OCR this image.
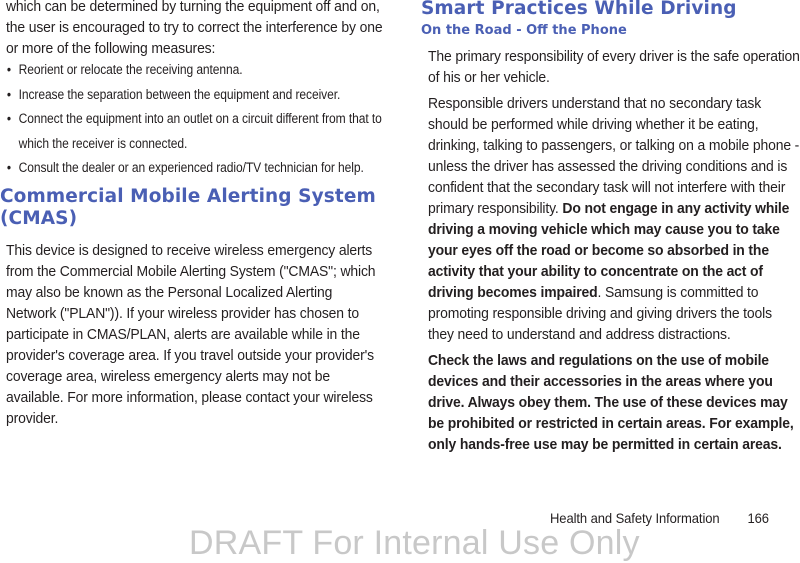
which can be determined by turning the equipment off and on, the user is encouraged to try to correct the interference by one or more of the following measures:

• Reorient or relocate the receiving antenna.
• Increase the separation between the equipment and receiver.
• Connect the equipment into an outlet on a circuit different from that to which the receiver is connected.
• Consult the dealer or an experienced radio/TV technician for help.
Commercial Mobile Alerting System (CMAS)

This device is designed to receive wireless emergency alerts from the Commercial Mobile Alerting System ("CMAS"; which may also be known as the Personal Localized Alerting Network ("PLAN")). If your wireless provider has chosen to participate in CMAS/PLAN, alerts are available while in the provider's coverage area. If you travel outside your provider's coverage area, wireless emergency alerts may not be available. For more information, please contact your wireless provider.

Smart Practices While Driving
On the Road - Off the Phone

The primary responsibility of every driver is the safe operation of his or her vehicle.

Responsible drivers understand that no secondary task should be performed while driving whether it be eating, drinking, talking to passengers, or talking on a mobile phone - unless the driver has assessed the driving conditions and is confident that the secondary task will not interfere with their primary responsibility. Do not engage in any activity while driving a moving vehicle which may cause you to take your eyes off the road or become so absorbed in the activity that your ability to concentrate on the act of driving becomes impaired. Samsung is committed to promoting responsible driving and giving drivers the tools they need to understand and address distractions.

Check the laws and regulations on the use of mobile devices and their accessories in the areas where you drive. Always obey them. The use of these devices may be prohibited or restricted in certain areas. For example, only hands-free use may be permitted in certain areas.

Health and Safety Information 166
DRAFT For Internal Use Only
